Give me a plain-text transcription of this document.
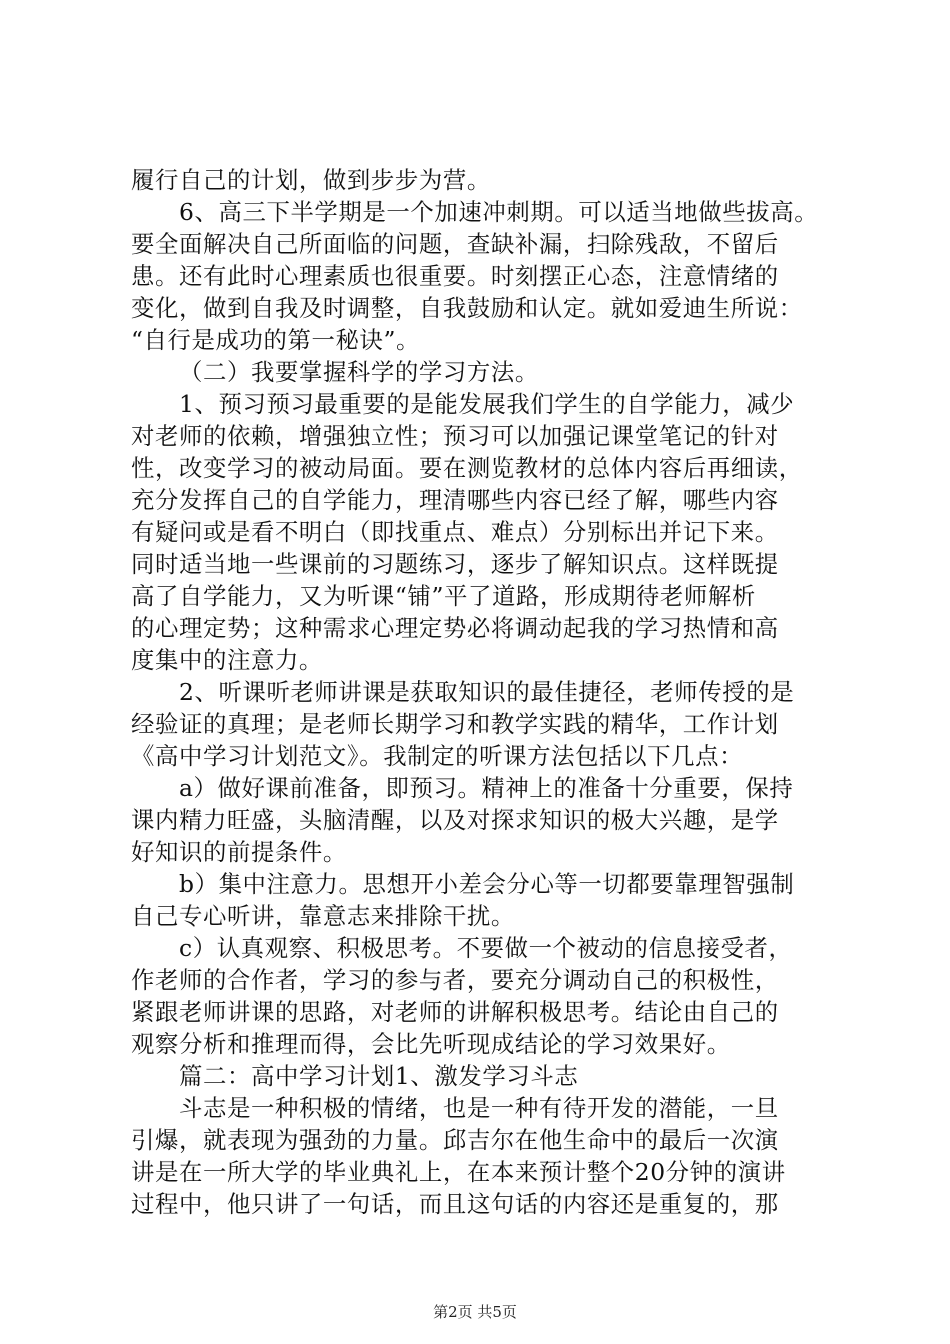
履行自己的计划，做到步步为营。
6、高三下半学期是一个加速冲刺期。可以适当地做些拔高。
要全面解决自己所面临的问题，查缺补漏，扫除残敌，不留后
患。还有此时心理素质也很重要。时刻摆正心态，注意情绪的
变化，做到自我及时调整，自我鼓励和认定。就如爱迪生所说：
“自行是成功的第一秘诀”。
（二）我要掌握科学的学习方法。
1、预习预习最重要的是能发展我们学生的自学能力，减少
对老师的依赖，增强独立性；预习可以加强记课堂笔记的针对
性，改变学习的被动局面。要在测览教材的总体内容后再细读，
充分发挥自己的自学能力，理清哪些内容已经了解，哪些内容
有疑问或是看不明白（即找重点、难点）分别标出并记下来。
同时适当地一些课前的习题练习，逐步了解知识点。这样既提
高了自学能力，又为听课“铺”平了道路，形成期待老师解析
的心理定势；这种需求心理定势必将调动起我的学习热情和高
度集中的注意力。
2、听课听老师讲课是获取知识的最佳捷径，老师传授的是
经验证的真理；是老师长期学习和教学实践的精华，工作计划
《高中学习计划范文》。我制定的听课方法包括以下几点：
a）做好课前准备，即预习。精神上的准备十分重要，保持
课内精力旺盛，头脑清醒，以及对探求知识的极大兴趣，是学
好知识的前提条件。
b）集中注意力。思想开小差会分心等一切都要靠理智强制
自己专心听讲，靠意志来排除干扰。
c）认真观察、积极思考。不要做一个被动的信息接受者，
作老师的合作者，学习的参与者，要充分调动自己的积极性，
紧跟老师讲课的思路，对老师的讲解积极思考。结论由自己的
观察分析和推理而得，会比先听现成结论的学习效果好。
篇二：高中学习计划1、激发学习斗志
斗志是一种积极的情绪，也是一种有待开发的潜能，一旦
引爆，就表现为强劲的力量。邱吉尔在他生命中的最后一次演
讲是在一所大学的毕业典礼上，在本来预计整个20分钟的演讲
过程中，他只讲了一句话，而且这句话的内容还是重复的，那
第2页 共5页
